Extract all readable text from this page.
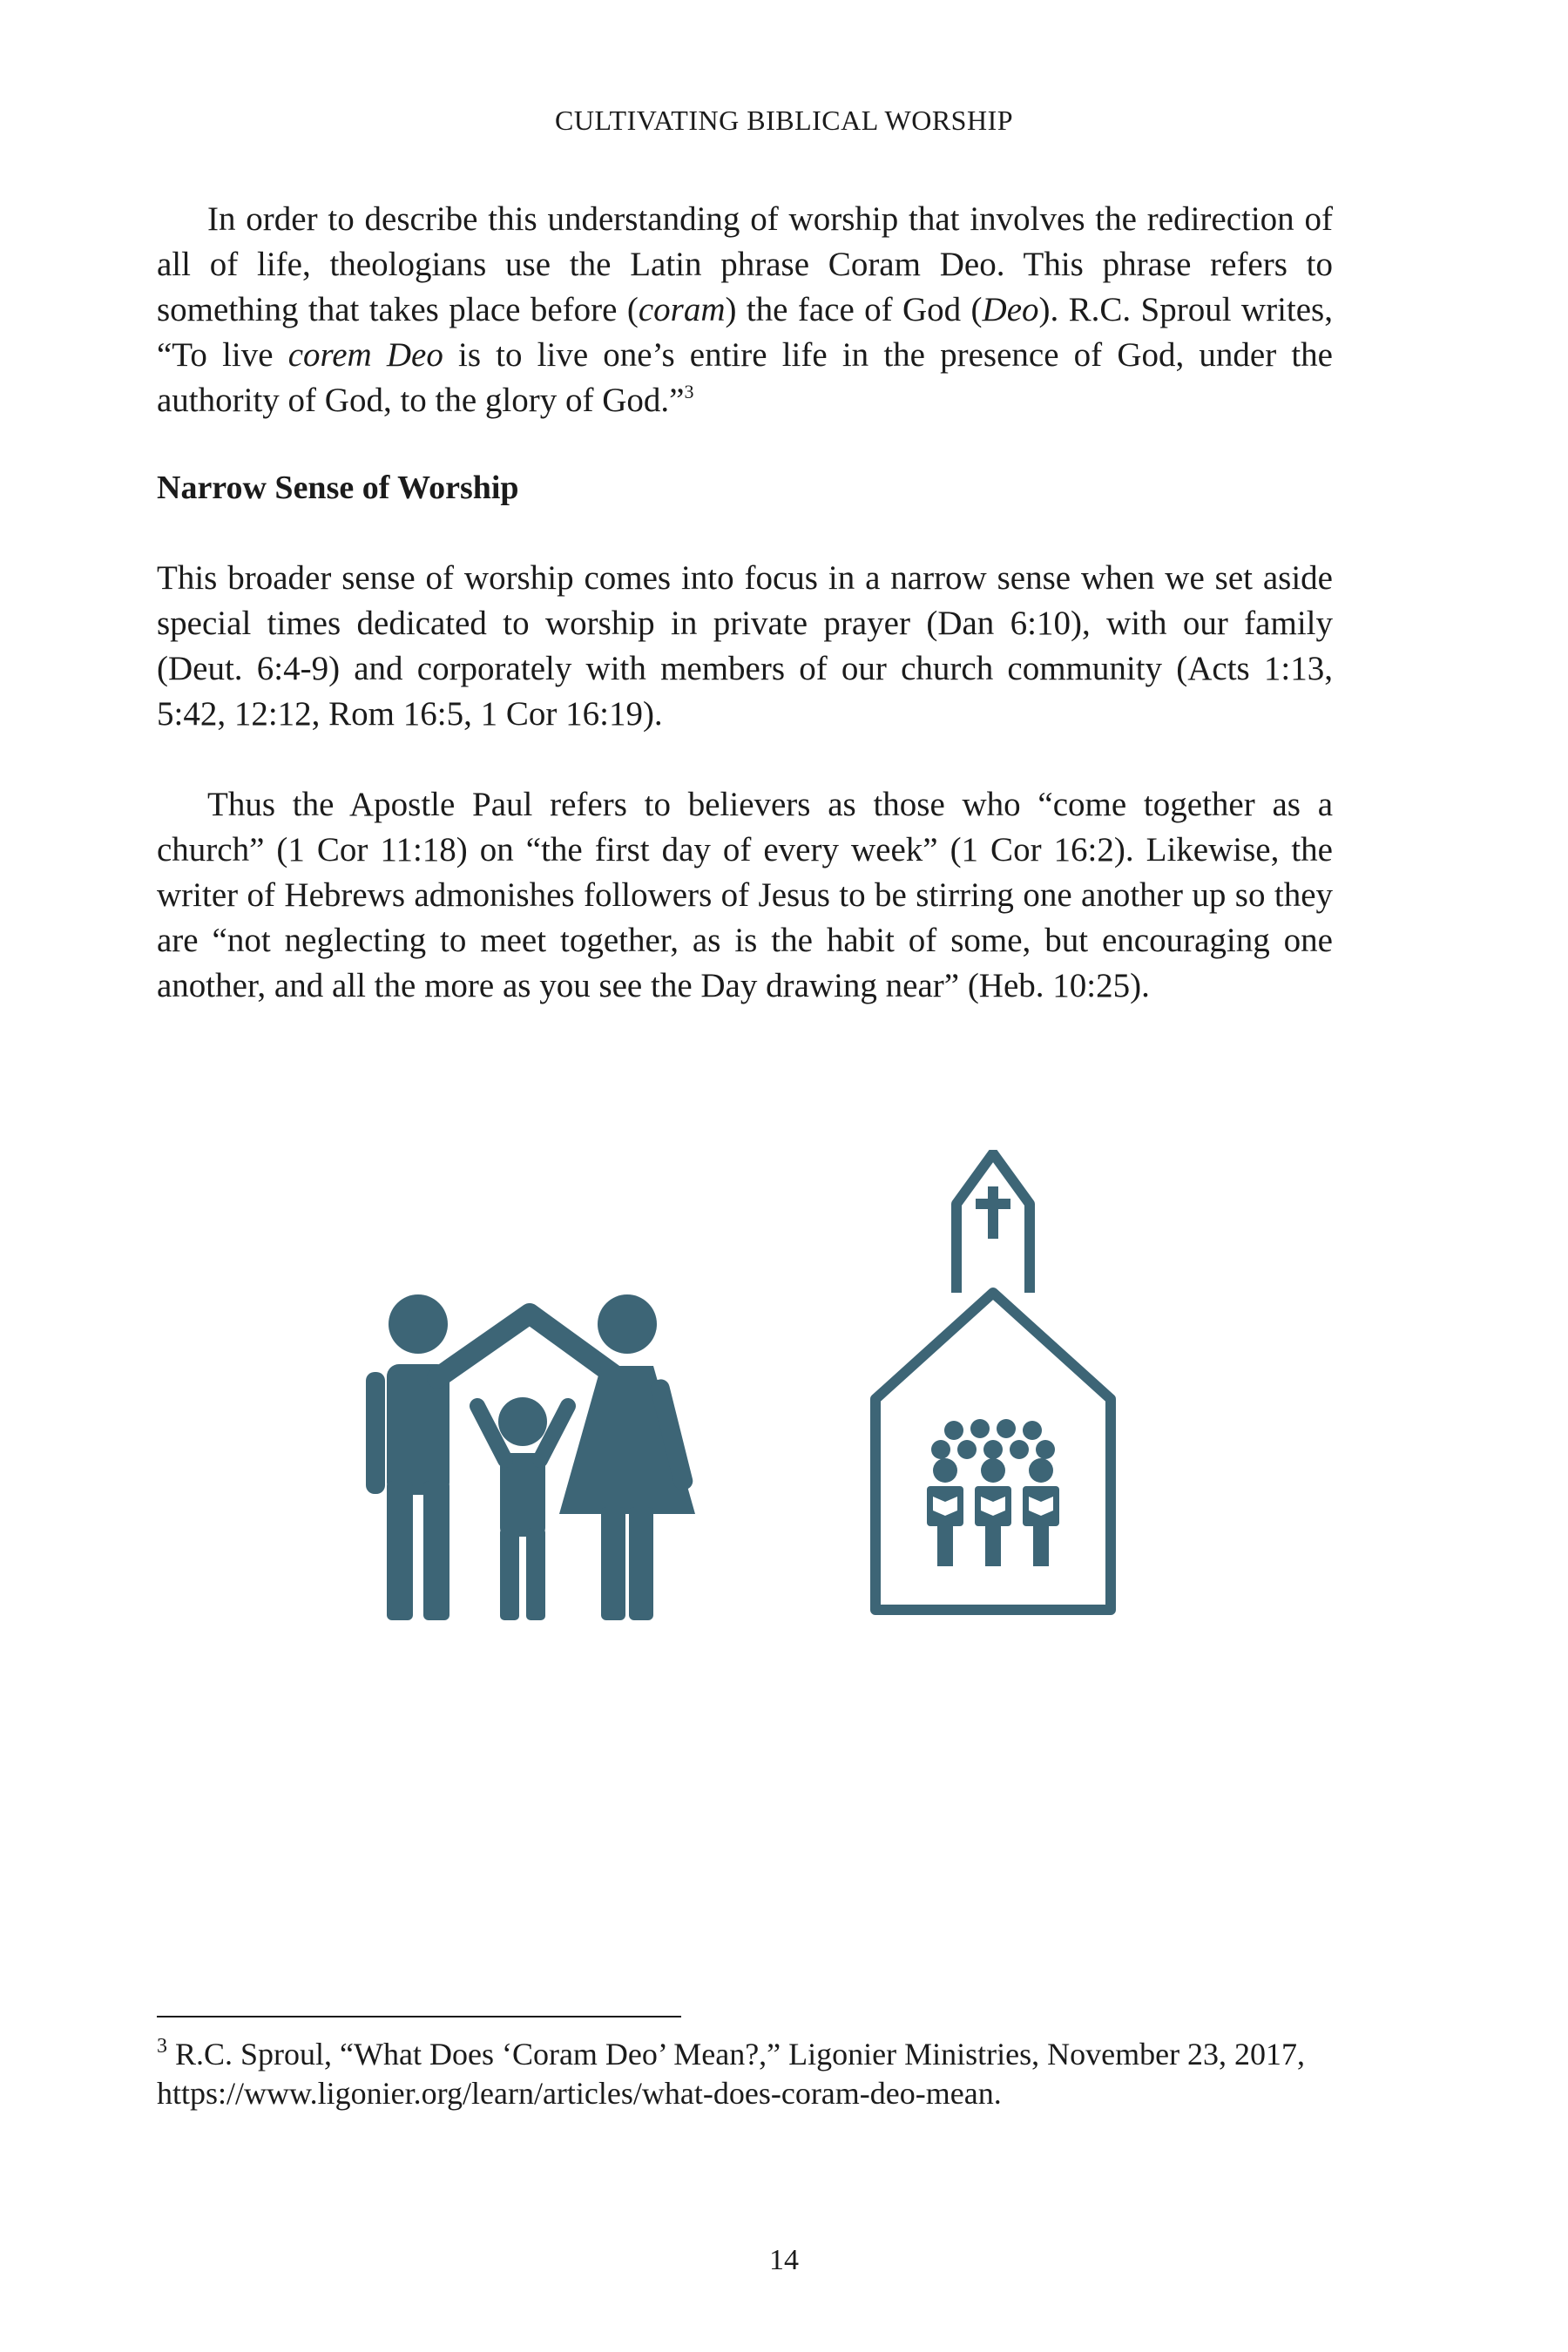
CULTIVATING BIBLICAL WORSHIP

In order to describe this understanding of worship that involves the redirection of all of life, theologians use the Latin phrase Coram Deo. This phrase refers to something that takes place before (coram) the face of God (Deo). R.C. Sproul writes, “To live corem Deo is to live one’s entire life in the presence of God, under the authority of God, to the glory of God.”$^3$

Narrow Sense of Worship

This broader sense of worship comes into focus in a narrow sense when we set aside special times dedicated to worship in private prayer (Dan 6:10), with our family (Deut. 6:4-9) and corporately with members of our church community (Acts 1:13, 5:42, 12:12, Rom 16:5, 1 Cor 16:19).

Thus the Apostle Paul refers to believers as those who “come together as a church” (1 Cor 11:18) on “the first day of every week” (1 Cor 16:2). Likewise, the writer of Hebrews admonishes followers of Jesus to be stirring one another up so they are “not neglecting to meet together, as is the habit of some, but encouraging one another, and all the more as you see the Day drawing near” (Heb. 10:25).

$^3$ R.C. Sproul, “What Does ‘Coram Deo’ Mean?,” Ligonier Ministries, November 23, 2017, https://www.ligonier.org/learn/articles/what-does-coram-deo-mean.
14
